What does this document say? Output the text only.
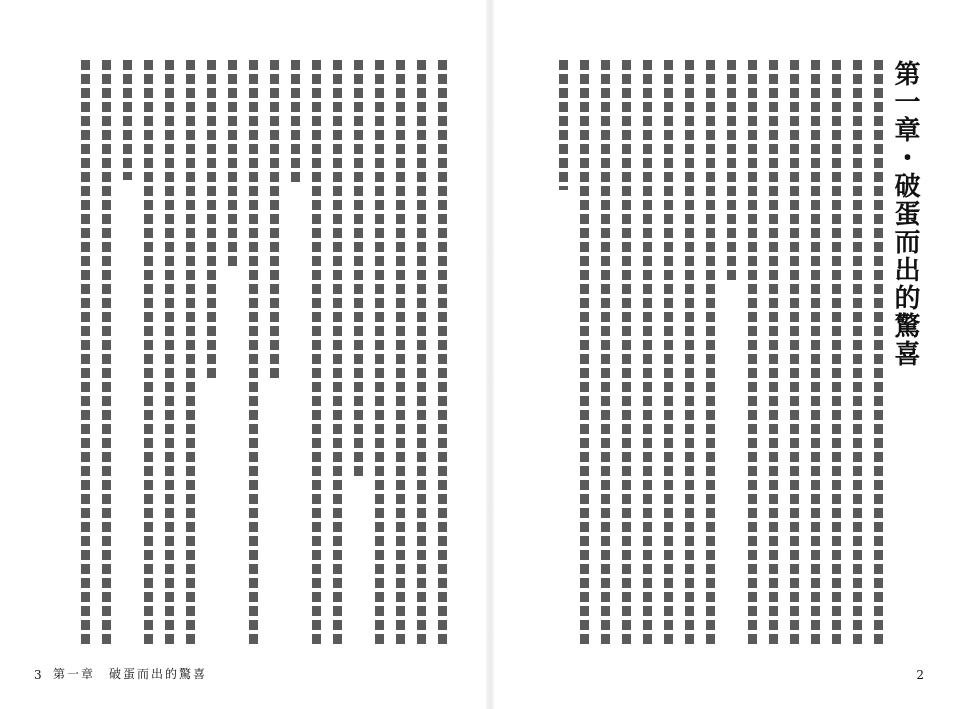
第一章　破蛋而出的驚喜
第一章・破蛋而出的驚喜
2
3
